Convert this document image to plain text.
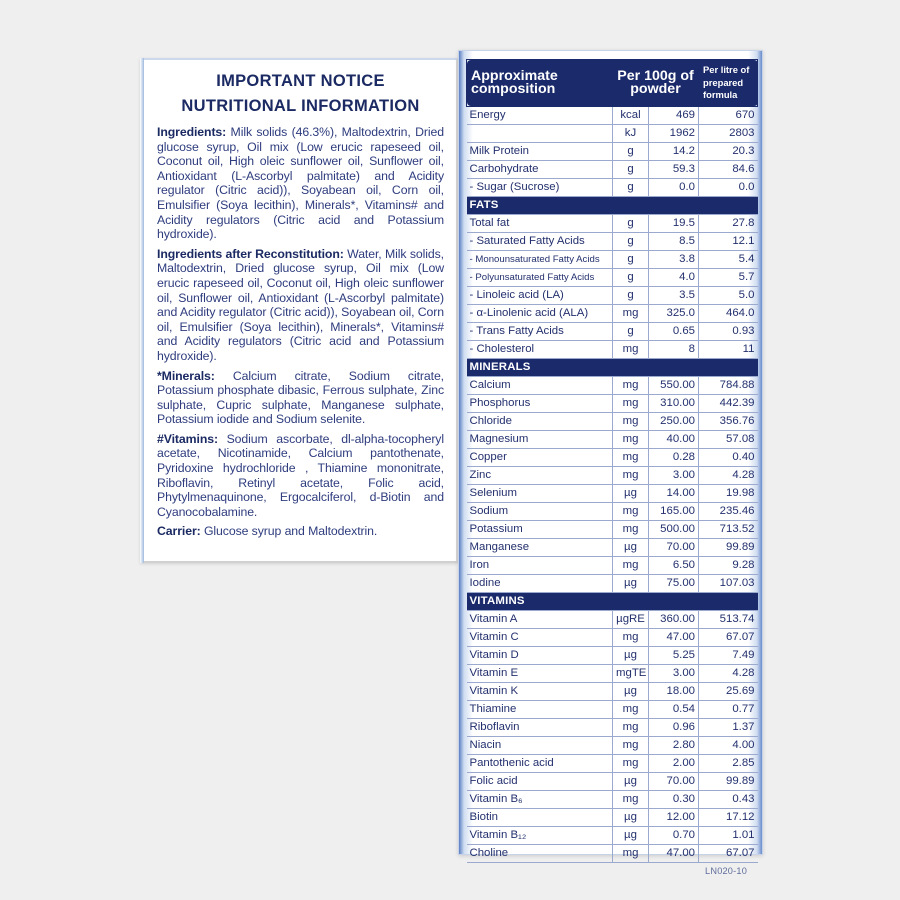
IMPORTANT NOTICE
NUTRITIONAL INFORMATION
Ingredients: Milk solids (46.3%), Maltodextrin, Dried glucose syrup, Oil mix (Low erucic rapeseed oil, Coconut oil, High oleic sunflower oil, Sunflower oil, Antioxidant (L-Ascorbyl palmitate) and Acidity regulator (Citric acid)), Soyabean oil, Corn oil, Emulsifier (Soya lecithin), Minerals*, Vitamins# and Acidity regulators (Citric acid and Potassium hydroxide).
Ingredients after Reconstitution: Water, Milk solids, Maltodextrin, Dried glucose syrup, Oil mix (Low erucic rapeseed oil, Coconut oil, High oleic sunflower oil, Sunflower oil, Antioxidant (L-Ascorbyl palmitate) and Acidity regulator (Citric acid)), Soyabean oil, Corn oil, Emulsifier (Soya lecithin), Minerals*, Vitamins# and Acidity regulators (Citric acid and Potassium hydroxide).
*Minerals: Calcium citrate, Sodium citrate, Potassium phosphate dibasic, Ferrous sulphate, Zinc sulphate, Cupric sulphate, Manganese sulphate, Potassium iodide and Sodium selenite.
#Vitamins: Sodium ascorbate, dl-alpha-tocopheryl acetate, Nicotinamide, Calcium pantothenate, Pyridoxine hydrochloride , Thiamine mononitrate, Riboflavin, Retinyl acetate, Folic acid, Phytylmenaquinone, Ergocalciferol, d-Biotin and Cyanocobalamine.
Carrier: Glucose syrup and Maltodextrin.
Approximate composition	Per 100g of powder		Per litre of prepared formula
Energy	kcal	469	670
	kJ	1962	2803
Milk Protein	g	14.2	20.3
Carbohydrate	g	59.3	84.6
- Sugar (Sucrose)	g	0.0	0.0
FATS			
Total fat	g	19.5	27.8
- Saturated Fatty Acids	g	8.5	12.1
- Monounsaturated Fatty Acids	g	3.8	5.4
- Polyunsaturated Fatty Acids	g	4.0	5.7
- Linoleic acid (LA)	g	3.5	5.0
- α-Linolenic acid (ALA)	mg	325.0	464.0
- Trans Fatty Acids	g	0.65	0.93
- Cholesterol	mg	8	11
MINERALS			
Calcium	mg	550.00	784.88
Phosphorus	mg	310.00	442.39
Chloride	mg	250.00	356.76
Magnesium	mg	40.00	57.08
Copper	mg	0.28	0.40
Zinc	mg	3.00	4.28
Selenium	µg	14.00	19.98
Sodium	mg	165.00	235.46
Potassium	mg	500.00	713.52
Manganese	µg	70.00	99.89
Iron	mg	6.50	9.28
Iodine	µg	75.00	107.03
VITAMINS			
Vitamin A	µgRE	360.00	513.74
Vitamin C	mg	47.00	67.07
Vitamin D	µg	5.25	7.49
Vitamin E	mgTE	3.00	4.28
Vitamin K	µg	18.00	25.69
Thiamine	mg	0.54	0.77
Riboflavin	mg	0.96	1.37
Niacin	mg	2.80	4.00
Pantothenic acid	mg	2.00	2.85
Folic acid	µg	70.00	99.89
Vitamin B₆	mg	0.30	0.43
Biotin	µg	12.00	17.12
Vitamin B₁₂	µg	0.70	1.01
Choline	mg	47.00	67.07
LN020-10
